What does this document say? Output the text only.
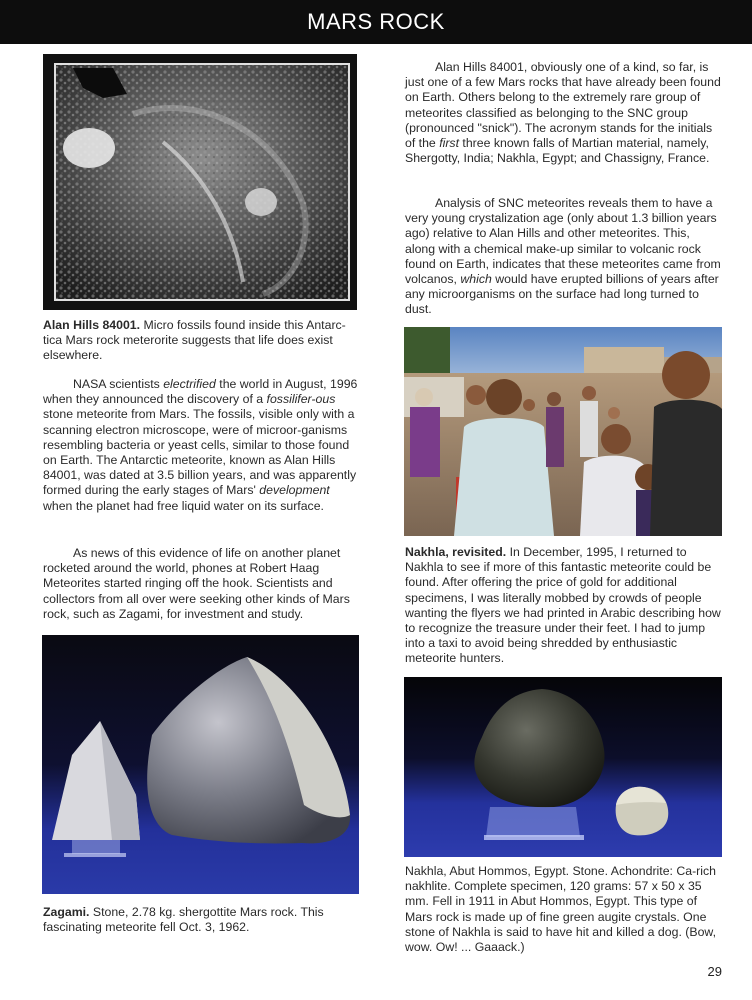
MARS ROCK
Alan Hills 84001. Micro fossils found inside this Antarc-tica Mars rock meterorite suggests that life does exist elsewhere.
NASA scientists electrified the world in August, 1996 when they announced the discovery of a fossilifer-ous stone meteorite from Mars. The fossils, visible only with a scanning electron microscope, were of microor-ganisms resembling bacteria or yeast cells, similar to those found on Earth. The Antarctic meteorite, known as Alan Hills 84001, was dated at 3.5 billion years, and was apparently formed during the early stages of Mars' development when the planet had free liquid water on its surface.
As news of this evidence of life on another planet rocketed around the world, phones at Robert Haag Meteorites started ringing off the hook. Scientists and collectors from all over were seeking other kinds of Mars rock, such as Zagami, for investment and study.
Zagami. Stone, 2.78 kg. shergottite Mars rock. This fascinating meteorite fell Oct. 3, 1962.
Alan Hills 84001, obviously one of a kind, so far, is just one of a few Mars rocks that have already been found on Earth. Others belong to the extremely rare group of meteorites classified as belonging to the SNC group (pronounced "snick"). The acronym stands for the initials of the first three known falls of Martian material, namely, Shergotty, India; Nakhla, Egypt; and Chassigny, France.
Analysis of SNC meteorites reveals them to have a very young crystalization age (only about 1.3 billion years ago) relative to Alan Hills and other meteorites. This, along with a chemical make-up similar to volcanic rock found on Earth, indicates that these meteorites came from volcanos, which would have erupted billions of years after any microorganisms on the surface had long turned to dust.
Nakhla, revisited. In December, 1995, I returned to Nakhla to see if more of this fantastic meteorite could be found. After offering the price of gold for additional specimens, I was literally mobbed by crowds of people wanting the flyers we had printed in Arabic describing how to recognize the treasure under their feet. I had to jump into a taxi to avoid being shredded by enthusiastic meteorite hunters.
Nakhla, Abut Hommos, Egypt. Stone. Achondrite: Ca-rich nakhlite. Complete specimen, 120 grams: 57 x 50 x 35 mm. Fell in 1911 in Abut Hommos, Egypt. This type of Mars rock is made up of fine green augite crystals. One stone of Nakhla is said to have hit and killed a dog. (Bow, wow. Ow! ... Gaaack.)
29
